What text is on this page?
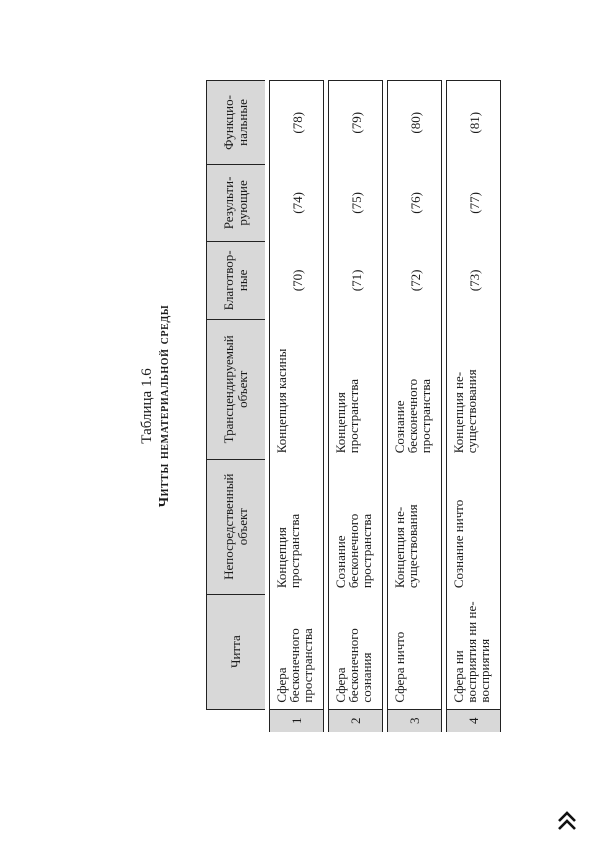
Таблица 1.6 Читты нематериальной среды
	Читта	Непосредственный объект	Трансцендируемый объект	Благотвор-ные	Результи-рующие	Функцио-нальные

1	Сфера бесконечного пространства	Концепция пространства	Концепция касины	(70)	(74)	(78)

2	Сфера бесконечного сознания	Сознание бесконечного пространства	Концепция пространства	(71)	(75)	(79)

3	Сфера ничто	Концепция не-существования	Сознание бесконечного пространства	(72)	(76)	(80)

4	Сфера ни восприятия ни не-восприятия	Сознание ничто	Концепция не-существования	(73)	(77)	(81)
